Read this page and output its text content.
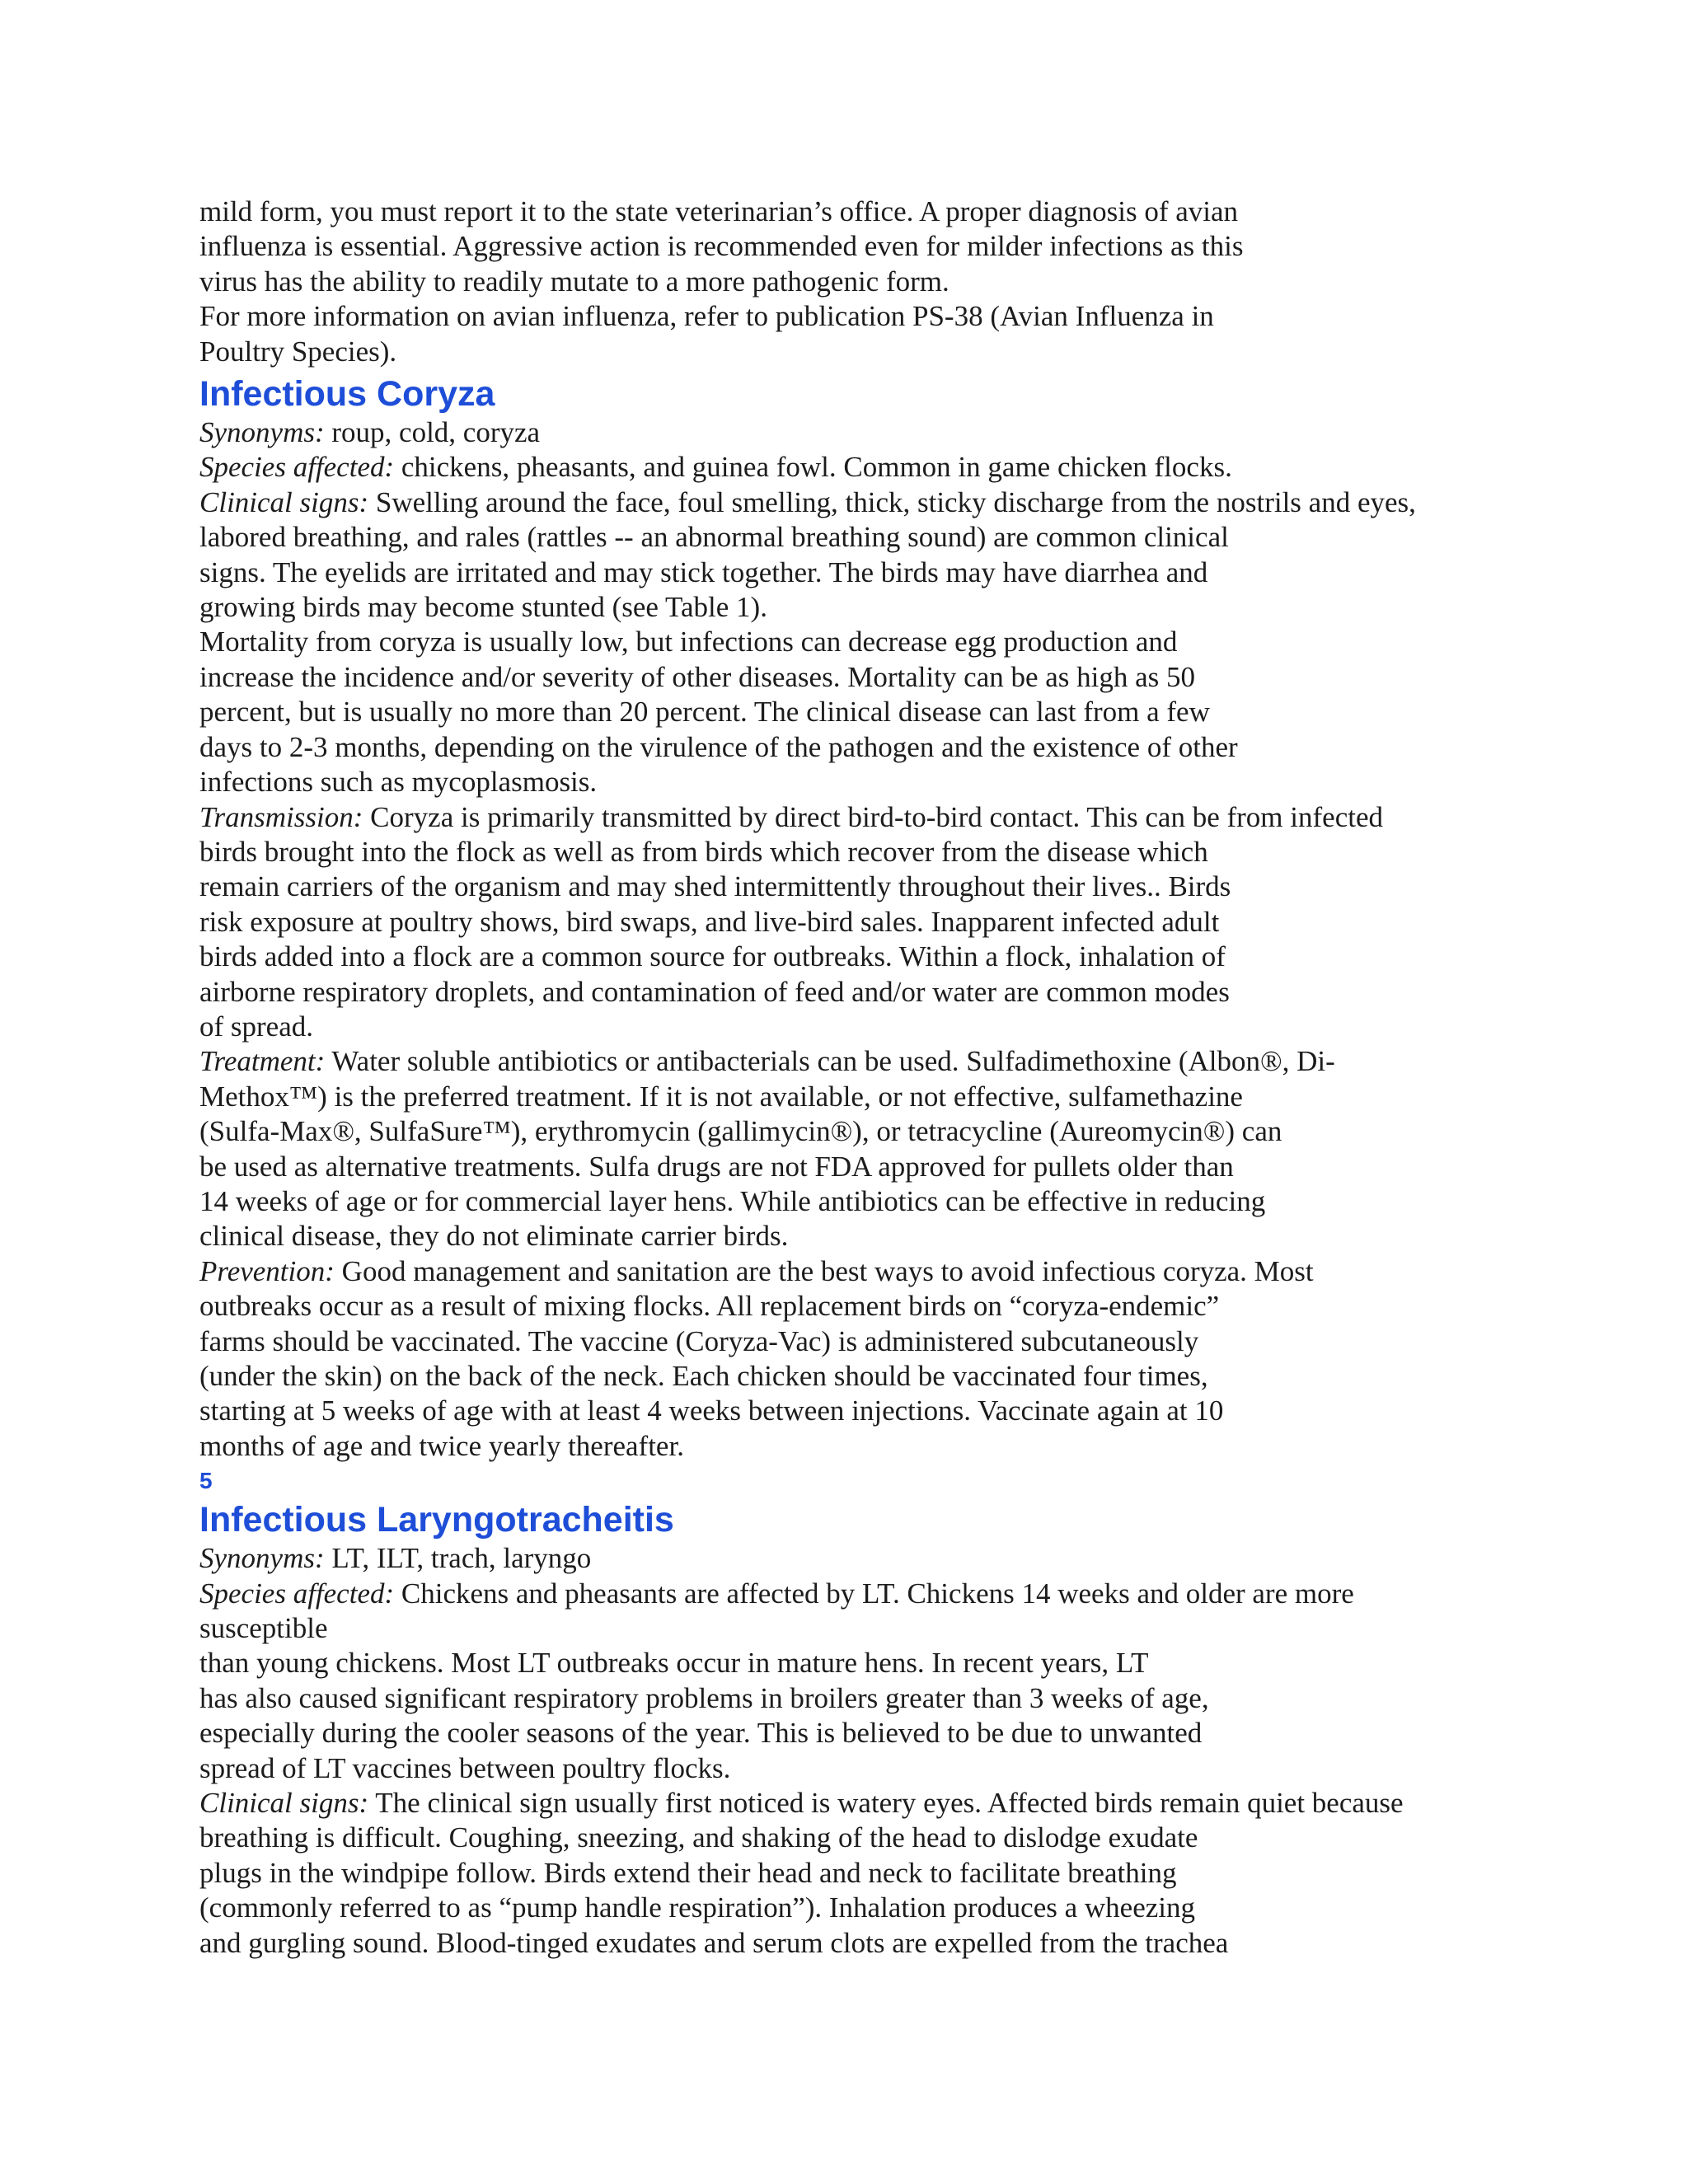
mild form, you must report it to the state veterinarian’s office. A proper diagnosis of avian
influenza is essential. Aggressive action is recommended even for milder infections as this
virus has the ability to readily mutate to a more pathogenic form.
For more information on avian influenza, refer to publication PS-38 (Avian Influenza in
Poultry Species).
Infectious Coryza
Synonyms: roup, cold, coryza
Species affected: chickens, pheasants, and guinea fowl. Common in game chicken flocks.
Clinical signs: Swelling around the face, foul smelling, thick, sticky discharge from the nostrils and eyes,
labored breathing, and rales (rattles -- an abnormal breathing sound) are common clinical
signs. The eyelids are irritated and may stick together. The birds may have diarrhea and
growing birds may become stunted (see Table 1).
Mortality from coryza is usually low, but infections can decrease egg production and
increase the incidence and/or severity of other diseases. Mortality can be as high as 50
percent, but is usually no more than 20 percent. The clinical disease can last from a few
days to 2-3 months, depending on the virulence of the pathogen and the existence of other
infections such as mycoplasmosis.
Transmission: Coryza is primarily transmitted by direct bird-to-bird contact. This can be from infected
birds brought into the flock as well as from birds which recover from the disease which
remain carriers of the organism and may shed intermittently throughout their lives.. Birds
risk exposure at poultry shows, bird swaps, and live-bird sales. Inapparent infected adult
birds added into a flock are a common source for outbreaks. Within a flock, inhalation of
airborne respiratory droplets, and contamination of feed and/or water are common modes
of spread.
Treatment: Water soluble antibiotics or antibacterials can be used. Sulfadimethoxine (Albon®, Di-
Methox™) is the preferred treatment. If it is not available, or not effective, sulfamethazine
(Sulfa-Max®, SulfaSure™), erythromycin (gallimycin®), or tetracycline (Aureomycin®) can
be used as alternative treatments. Sulfa drugs are not FDA approved for pullets older than
14 weeks of age or for commercial layer hens. While antibiotics can be effective in reducing
clinical disease, they do not eliminate carrier birds.
Prevention: Good management and sanitation are the best ways to avoid infectious coryza. Most
outbreaks occur as a result of mixing flocks. All replacement birds on “coryza-endemic”
farms should be vaccinated. The vaccine (Coryza-Vac) is administered subcutaneously
(under the skin) on the back of the neck. Each chicken should be vaccinated four times,
starting at 5 weeks of age with at least 4 weeks between injections. Vaccinate again at 10
months of age and twice yearly thereafter.
5
Infectious Laryngotracheitis
Synonyms: LT, ILT, trach, laryngo
Species affected: Chickens and pheasants are affected by LT. Chickens 14 weeks and older are more
susceptible
than young chickens. Most LT outbreaks occur in mature hens. In recent years, LT
has also caused significant respiratory problems in broilers greater than 3 weeks of age,
especially during the cooler seasons of the year. This is believed to be due to unwanted
spread of LT vaccines between poultry flocks.
Clinical signs: The clinical sign usually first noticed is watery eyes. Affected birds remain quiet because
breathing is difficult. Coughing, sneezing, and shaking of the head to dislodge exudate
plugs in the windpipe follow. Birds extend their head and neck to facilitate breathing
(commonly referred to as “pump handle respiration”). Inhalation produces a wheezing
and gurgling sound. Blood-tinged exudates and serum clots are expelled from the trachea
